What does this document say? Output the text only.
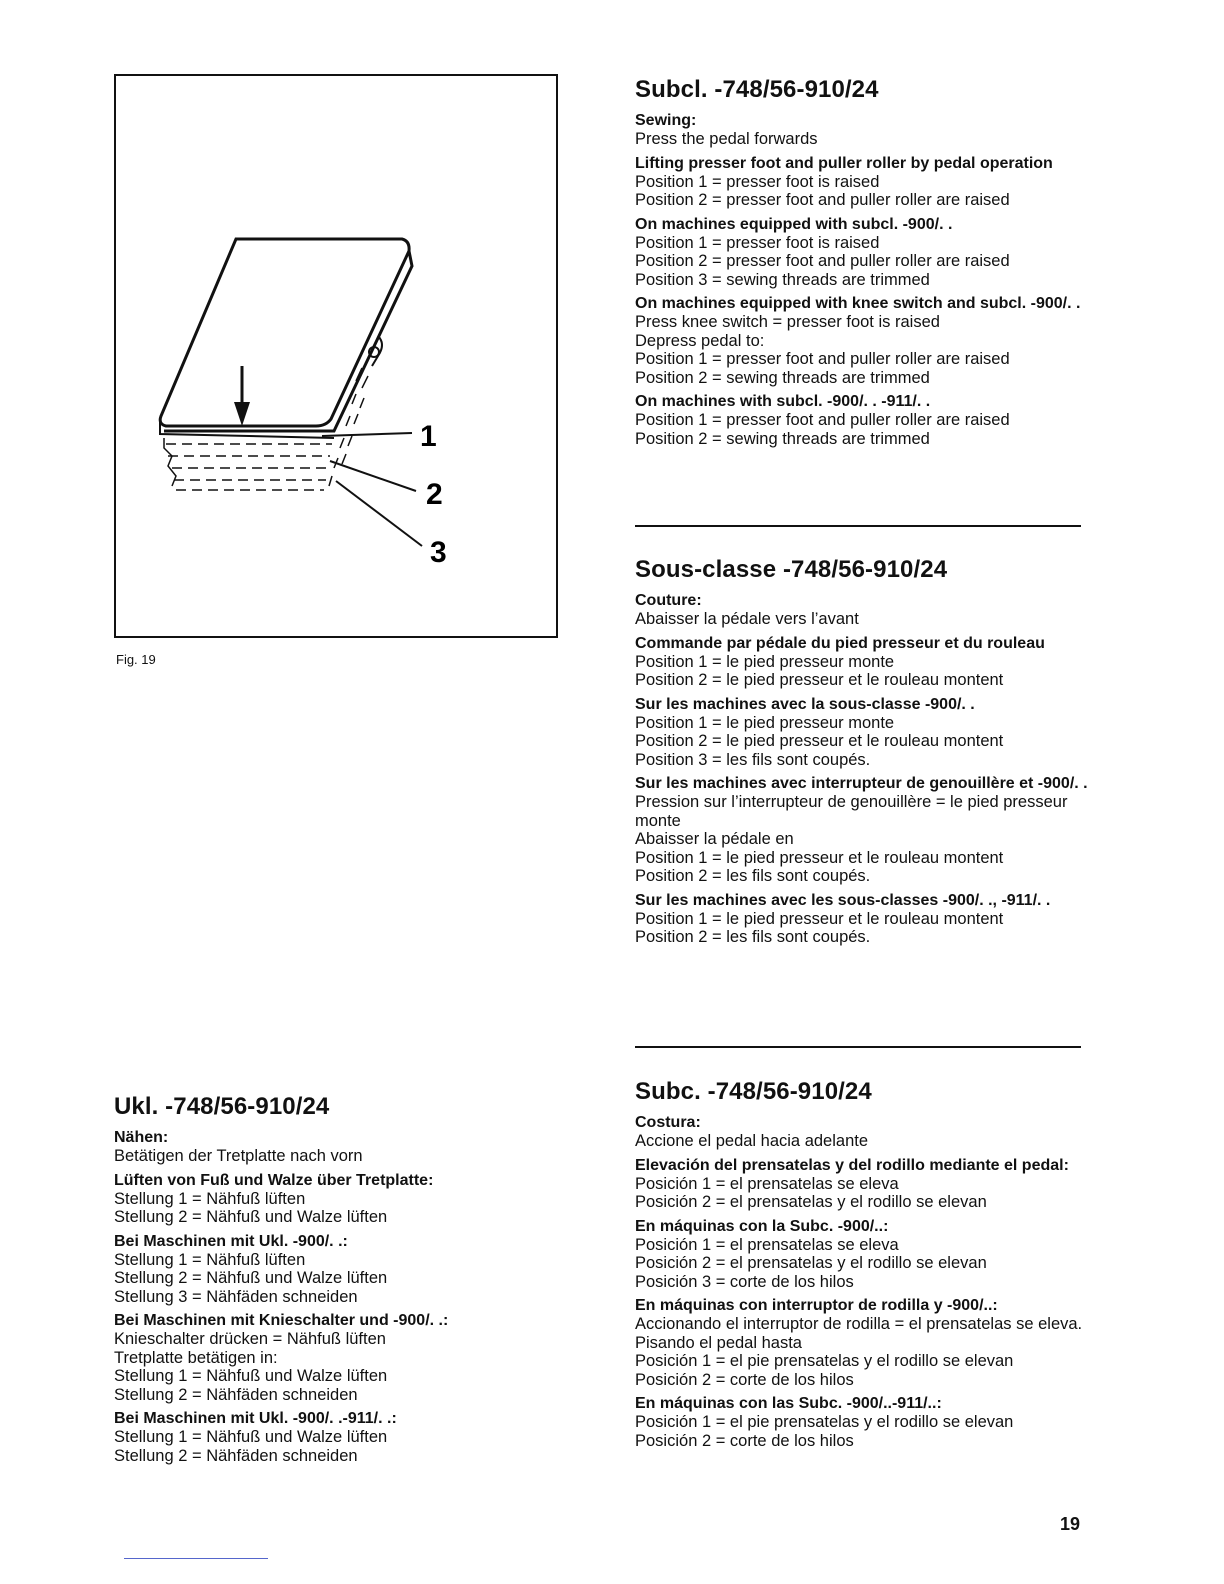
1
2
3
Fig. 19
Subcl. -748/56-910/24
Sewing:
Press the pedal forwards
Lifting presser foot and puller roller by pedal operation
Position 1 = presser foot is raised
Position 2 = presser foot and puller roller are raised
On machines equipped with subcl. -900/. .
Position 1 = presser foot is raised
Position 2 = presser foot and puller roller are raised
Position 3 = sewing threads are trimmed
On machines equipped with knee switch and subcl. -900/. .
Press knee switch = presser foot is raised
Depress pedal to:
Position 1 = presser foot and puller roller are raised
Position 2 = sewing threads are trimmed
On machines with subcl. -900/. . -911/. .
Position 1 = presser foot and puller roller are raised
Position 2 = sewing threads are trimmed
Sous-classe -748/56-910/24
Couture:
Abaisser la pédale vers l’avant
Commande par pédale du pied presseur et du rouleau
Position 1 = le pied presseur monte
Position 2 = le pied presseur et le rouleau montent
Sur les machines avec la sous-classe -900/. .
Position 1 = le pied presseur monte
Position 2 = le pied presseur et le rouleau montent
Position 3 = les fils sont coupés.
Sur les machines avec interrupteur de genouillère et -900/. .
Pression sur l’interrupteur de genouillère = le pied presseur monte
Abaisser la pédale en
Position 1 = le pied presseur et le rouleau montent
Position 2 = les fils sont coupés.
Sur les machines avec les sous-classes -900/. ., -911/. .
Position 1 = le pied presseur et le rouleau montent
Position 2 = les fils sont coupés.
Subc. -748/56-910/24
Costura:
Accione el pedal hacia adelante
Elevación del prensatelas y del rodillo mediante el pedal:
Posición 1 = el prensatelas se eleva
Posición 2 = el prensatelas y el rodillo se elevan
En máquinas con la Subc. -900/..:
Posición 1 = el prensatelas se eleva
Posición 2 = el prensatelas y el rodillo se elevan
Posición 3 = corte de los hilos
En máquinas con interruptor de rodilla y -900/..:
Accionando el interruptor de rodilla = el prensatelas se eleva.
Pisando el pedal hasta
Posición 1 = el pie prensatelas y el rodillo se elevan
Posición 2 = corte de los hilos
En máquinas con las Subc. -900/..-911/..:
Posición 1 = el pie prensatelas y el rodillo se elevan
Posición 2 = corte de los hilos
Ukl. -748/56-910/24
Nähen:
Betätigen der Tretplatte nach vorn
Lüften von Fuß und Walze über Tretplatte:
Stellung 1 = Nähfuß lüften
Stellung 2 = Nähfuß und Walze lüften
Bei Maschinen mit Ukl. -900/. .:
Stellung 1 = Nähfuß lüften
Stellung 2 = Nähfuß und Walze lüften
Stellung 3 = Nähfäden schneiden
Bei Maschinen mit Knieschalter und -900/. .:
Knieschalter drücken = Nähfuß lüften
Tretplatte betätigen in:
Stellung 1 = Nähfuß und Walze lüften
Stellung 2 = Nähfäden schneiden
Bei Maschinen mit Ukl. -900/. .-911/. .:
Stellung 1 = Nähfuß und Walze lüften
Stellung 2 = Nähfäden schneiden
19
